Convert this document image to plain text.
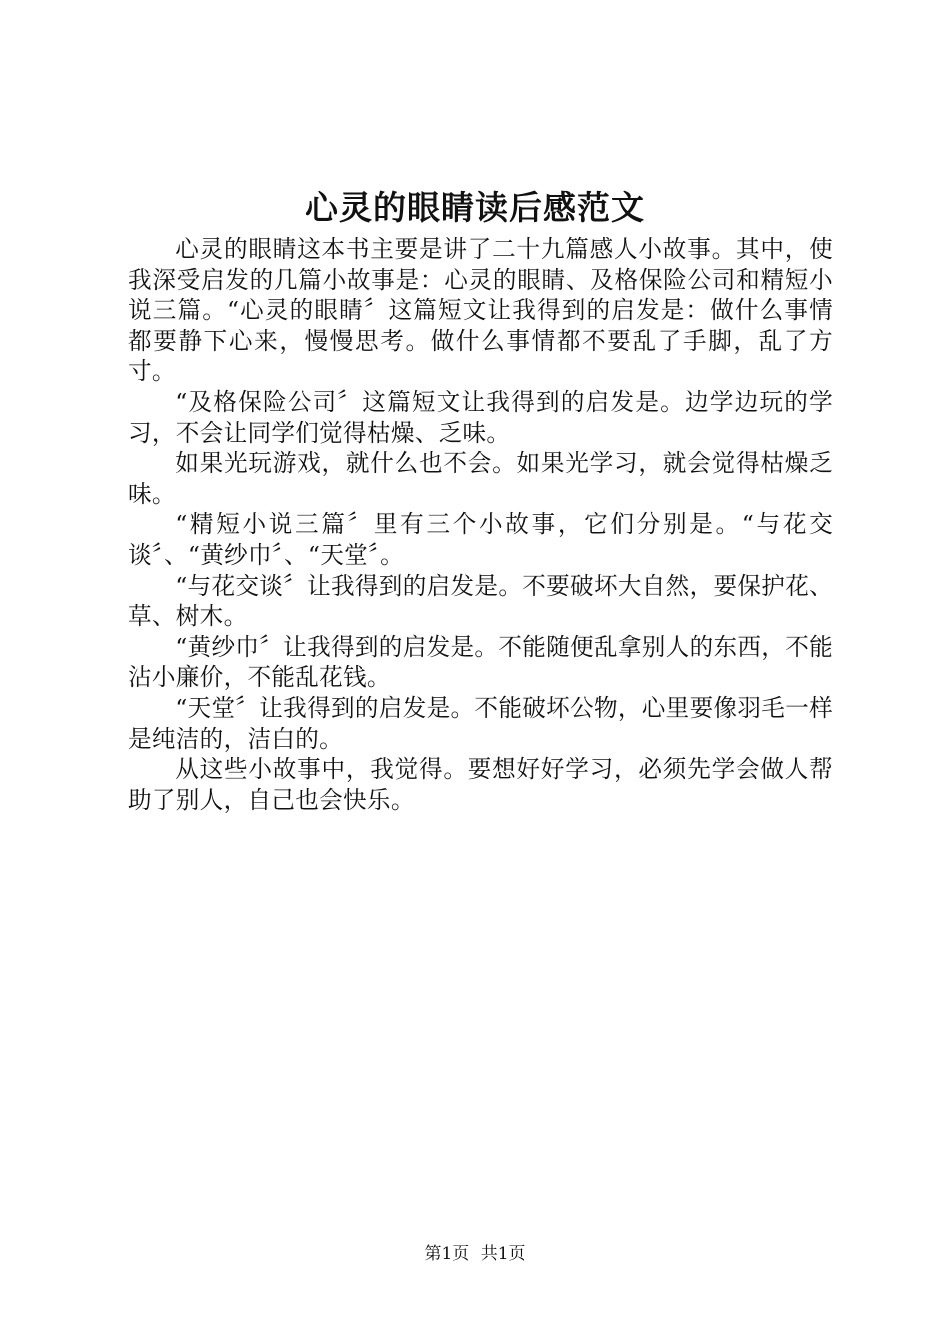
心灵的眼睛读后感范文

心灵的眼睛这本书主要是讲了二十九篇感人小故事。其中，使我深受启发的几篇小故事是：心灵的眼睛、及格保险公司和精短小说三篇。“心灵的眼睛〞这篇短文让我得到的启发是：做什么事情都要静下心来，慢慢思考。做什么事情都不要乱了手脚，乱了方寸。

“及格保险公司〞这篇短文让我得到的启发是。边学边玩的学习，不会让同学们觉得枯燥、乏味。

如果光玩游戏，就什么也不会。如果光学习，就会觉得枯燥乏味。

“精短小说三篇〞里有三个小故事，它们分别是。“与花交谈〞、“黄纱巾〞、“天堂〞。

“与花交谈〞让我得到的启发是。不要破坏大自然，要保护花、草、树木。

“黄纱巾〞让我得到的启发是。不能随便乱拿别人的东西，不能沾小廉价，不能乱花钱。

“天堂〞让我得到的启发是。不能破坏公物，心里要像羽毛一样是纯洁的，洁白的。

从这些小故事中，我觉得。要想好好学习，必须先学会做人帮助了别人，自己也会快乐。

第1页 共1页
